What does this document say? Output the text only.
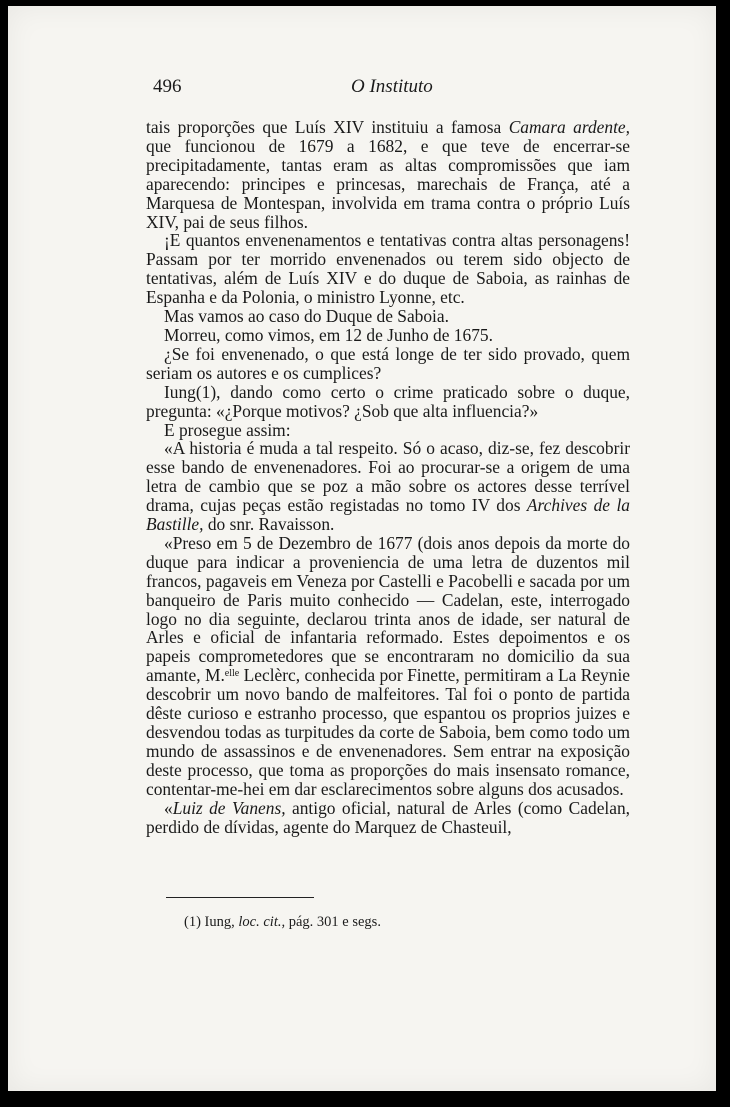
496	O Instituto

tais proporções que Luís XIV instituiu a famosa Camara ardente, que funcionou de 1679 a 1682, e que teve de encerrar-se precipitadamente, tantas eram as altas compromissões que iam aparecendo: principes e princesas, marechais de França, até a Marquesa de Montespan, involvida em trama contra o próprio Luís XIV, pai de seus filhos.

¡E quantos envenenamentos e tentativas contra altas personagens! Passam por ter morrido envenenados ou terem sido objecto de tentativas, além de Luís XIV e do duque de Saboia, as rainhas de Espanha e da Polonia, o ministro Lyonne, etc.

Mas vamos ao caso do Duque de Saboia.

Morreu, como vimos, em 12 de Junho de 1675.

¿Se foi envenenado, o que está longe de ter sido provado, quem seriam os autores e os cumplices?

Iung(1), dando como certo o crime praticado sobre o duque, pregunta: «¿Porque motivos? ¿Sob que alta influencia?»

E prosegue assim:

«A historia é muda a tal respeito. Só o acaso, diz-se, fez descobrir esse bando de envenenadores. Foi ao procurar-se a origem de uma letra de cambio que se poz a mão sobre os actores desse terrível drama, cujas peças estão registadas no tomo IV dos Archives de la Bastille, do snr. Ravaisson.

«Preso em 5 de Dezembro de 1677 (dois anos depois da morte do duque para indicar a proveniencia de uma letra de duzentos mil francos, pagaveis em Veneza por Castelli e Pacobelli e sacada por um banqueiro de Paris muito conhecido — Cadelan, este, interrogado logo no dia seguinte, declarou trinta anos de idade, ser natural de Arles e oficial de infantaria reformado. Estes depoimentos e os papeis comprometedores que se encontraram no domicilio da sua amante, M.$^{elle}$ Leclèrc, conhecida por Finette, permitiram a La Reynie descobrir um novo bando de malfeitores. Tal foi o ponto de partida dêste curioso e estranho processo, que espantou os proprios juizes e desvendou todas as turpitudes da corte de Saboia, bem como todo um mundo de assassinos e de envenenadores. Sem entrar na exposição deste processo, que toma as proporções do mais insensato romance, contentar-me-hei em dar esclarecimentos sobre alguns dos acusados.

«Luiz de Vanens, antigo oficial, natural de Arles (como Cadelan, perdido de dívidas, agente do Marquez de Chasteuil,

(1) Iung, loc. cit., pág. 301 e segs.
